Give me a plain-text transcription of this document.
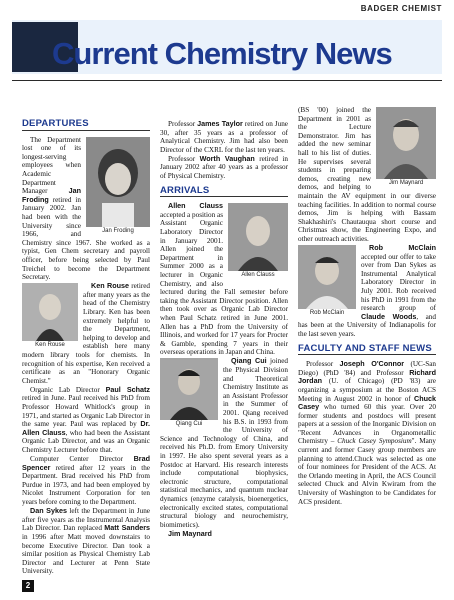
BADGER CHEMIST
Current Chemistry News
DEPARTURES
Jan Froding

The Department lost one of its longest-serving employees when Academic Department Manager Jan Froding retired in January 2002. Jan had been with the University since 1966, and Chemistry since 1967. She worked as a typist, Gen Chem secretary and payroll officer, before being selected by Paul Treichel to become the Department Secretary.

Ken Rouse

Ken Rouse retired after many years as the head of the Chemistry Library. Ken has been extremely helpful to the Department, helping to develop and establish here many modern library tools for chemists. In recognition of his expertise, Ken received a certificate as an "Honorary Organic Chemist."

Organic Lab Director Paul Schatz retired in June. Paul received his PhD from Professor Howard Whitlock's group in 1971, and started as Organic Lab Director in the same year. Paul was replaced by Dr. Allen Clauss, who had been the Assistant Organic Lab Director, and was an Organic Chemistry Lecturer before that.

Computer Center Director Brad Spencer retired after 12 years in the Department. Brad received his PhD from Purdue in 1973, and had been employed by Nicolet Instrument Corporation for ten years before coming to the Department.

Dan Sykes left the Department in June after five years as the Instrumental Analysis Lab Director. Dan replaced Matt Sanders in 1996 after Matt moved downstairs to become Executive Director. Dan took a similar position as Physical Chemistry Lab Director and Lecturer at Penn State University.

Professor James Taylor retired on June 30, after 35 years as a professor of Analytical Chemistry. Jim had also been Director of the CXRL for the last ten years.

Professor Worth Vaughan retired in January 2002 after 40 years as a professor of Physical Chemistry.

ARRIVALS
Allen Clauss

Allen Clauss accepted a position as Assistant Organic Laboratory Director in January 2001. Allen joined the Department in Summer 2000 as a lecturer in Organic Chemistry, and also lectured during the Fall semester before taking the Assistant Director position. Allen then took over as Organic Lab Director when Paul Schatz retired in June 2001. Allen has a PhD from the University of Illinois, and worked for 17 years for Procter & Gamble, spending 7 years in their overseas operations in Japan and China.

Qiang Cui

Qiang Cui joined the Physical Division and Theoretical Chemistry Institute as an Assistant Professor in the Summer of 2001. Qiang received his B.S. in 1993 from the University of Science and Technology of China, and received his Ph.D. from Emory University in 1997. He also spent several years as a Postdoc at Harvard. His research interests include computational biophysics, electronic structure, computational statistical mechanics, and quantum nuclear dynamics (enzyme catalysis, bioenergetics, electronically excited states, computational structural biology and neurochemistry, biomimetics).

Jim Maynard

Jim Maynard

(BS '00) joined the Department in 2001 as the Lecture Demonstrator. Jim has added the new seminar hall to his list of duties. He supervises several students in preparing demos, creating new demos, and helping to maintain the AV equipment in our diverse teaching facilities. In addition to normal course demos, Jim is helping with Bassam Shakhashiri's Chautauqua short course and Christmas show, the Engineering Expo, and other outreach activities.

Rob McClain

Rob McClain accepted our offer to take over from Dan Sykes as Instrumental Analytical Laboratory Director in July 2001. Rob received his PhD in 1991 from the research group of Claude Woods, and has been at the University of Indianapolis for the last seven years.

FACULTY AND STAFF NEWS

Professor Joseph O'Connor (UC-San Diego) (PhD '84) and Professor Richard Jordan (U. of Chicago) (PD '83) are organizing a symposium at the Boston ACS Meeting in August 2002 in honor of Chuck Casey who turned 60 this year. Over 20 former students and postdocs will present papers at a session of the Inorganic Division on "Recent Advances in Organometallic Chemistry – Chuck Casey Symposium". Many current and former Casey group members are planning to attend.Chuck was selected as one of four nominees for President of the ACS. At the Orlando meeting in April, the ACS Council selected Chuck and Alvin Kwiram from the University of Washington to be Candidates for ACS president.

2
